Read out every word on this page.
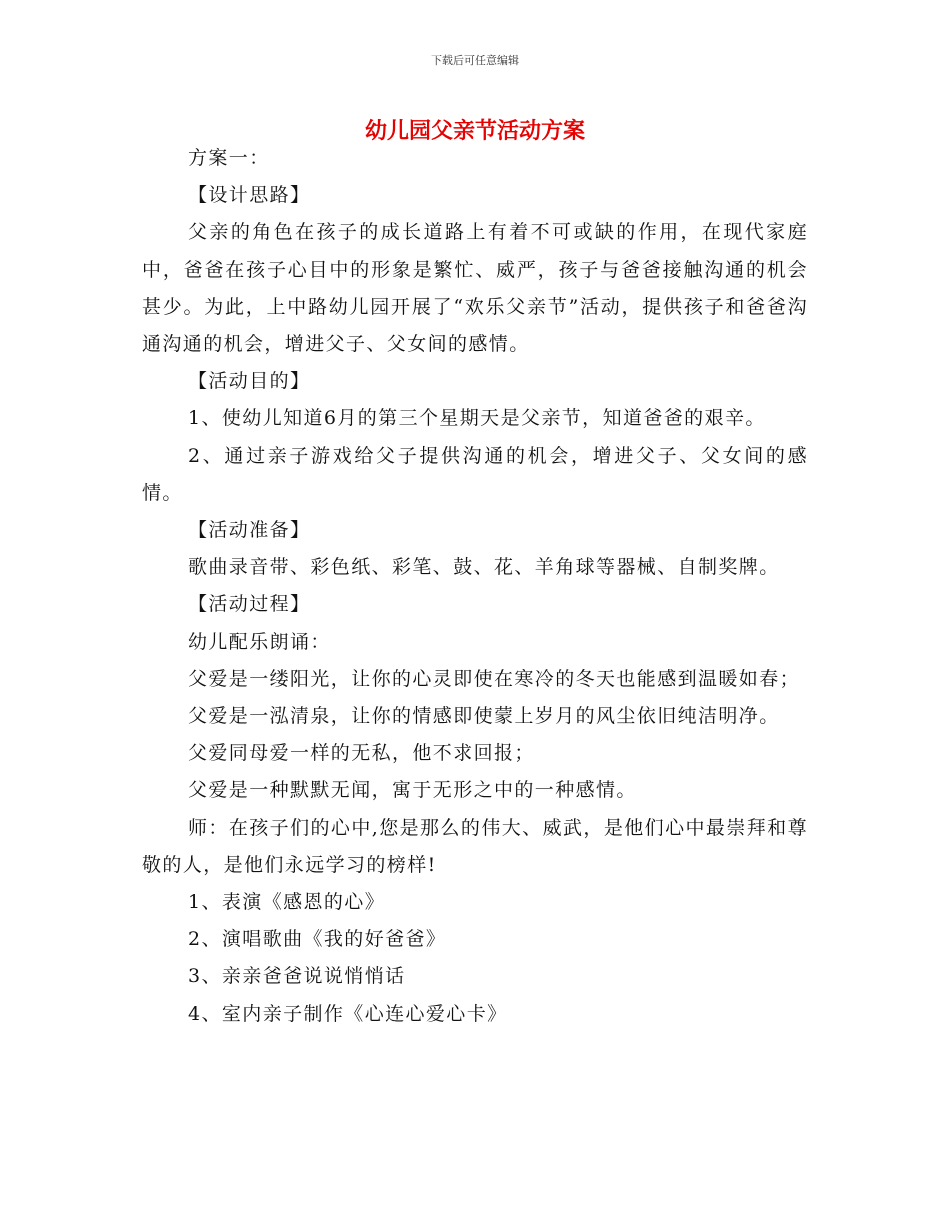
下载后可任意编辑
幼儿园父亲节活动方案

方案一：

【设计思路】

父亲的角色在孩子的成长道路上有着不可或缺的作用，在现代家庭中，爸爸在孩子心目中的形象是繁忙、威严，孩子与爸爸接触沟通的机会甚少。为此，上中路幼儿园开展了“欢乐父亲节”活动，提供孩子和爸爸沟通沟通的机会，增进父子、父女间的感情。

【活动目的】

1、使幼儿知道6月的第三个星期天是父亲节，知道爸爸的艰辛。

2、通过亲子游戏给父子提供沟通的机会，增进父子、父女间的感情。

【活动准备】

歌曲录音带、彩色纸、彩笔、鼓、花、羊角球等器械、自制奖牌。

【活动过程】

幼儿配乐朗诵：

父爱是一缕阳光，让你的心灵即使在寒冷的冬天也能感到温暖如春；

父爱是一泓清泉，让你的情感即使蒙上岁月的风尘依旧纯洁明净。

父爱同母爱一样的无私，他不求回报；

父爱是一种默默无闻，寓于无形之中的一种感情。

师：在孩子们的心中,您是那么的伟大、威武，是他们心中最崇拜和尊敬的人，是他们永远学习的榜样!

1、表演《感恩的心》

2、演唱歌曲《我的好爸爸》

3、亲亲爸爸说说悄悄话

4、室内亲子制作《心连心爱心卡》
